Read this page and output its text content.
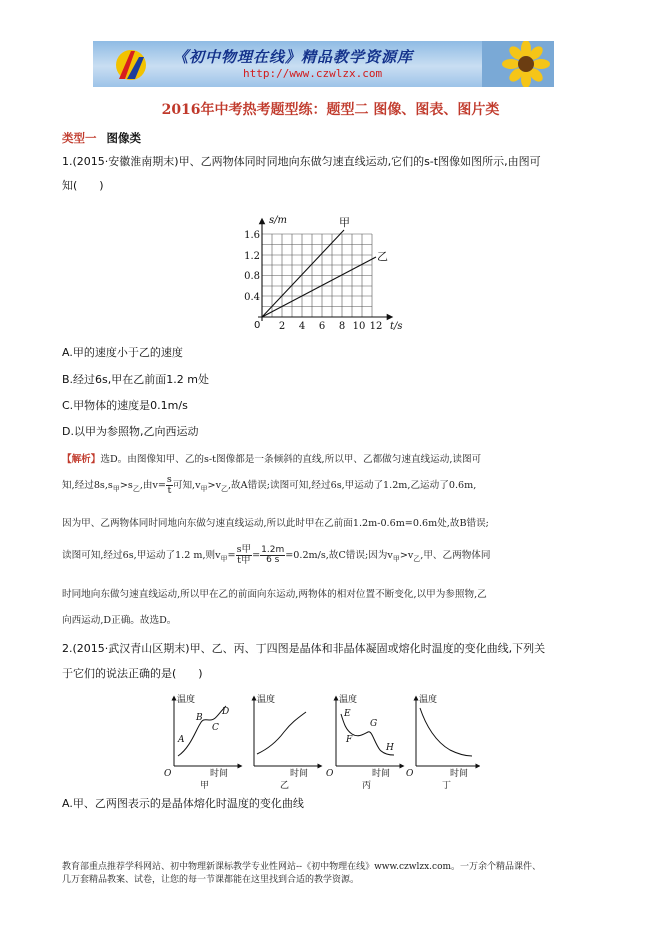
《初中物理在线》精品教学资源库
http://www.czwlzx.com
2016年中考热考题型练：题型二 图像、图表、图片类
类型一 图像类
1.(2015·安徽淮南期末)甲、乙两物体同时同地向东做匀速直线运动,它们的s-t图像如图所示,由图可
知(　　)
甲
乙
s/m
t/s
0
0.4
0.8
1.2
1.6
2 4 6 8 10 12
A.甲的速度小于乙的速度
B.经过6s,甲在乙前面1.2 m处
C.甲物体的速度是0.1m/s
D.以甲为参照物,乙向西运动
【解析】选D。由图像知甲、乙的s-t图像都是一条倾斜的直线,所以甲、乙都做匀速直线运动,读图可
知,经过$8s,s_甲>s_乙$,由$v= \frac{s}{t}$ 可知$,v_甲>v_乙$,故A错误;读图可知,经过6s,甲运动了1.2m,乙运动了0.6m,
因为甲、乙两物体同时同地向东做匀速直线运动,所以此时甲在乙前面1.2m-0.6m=0.6m处,故B错误;
读图可知,经过6s,甲运动了1.2 m,则$v_甲= \frac{\text{s甲}}{\text{t甲}} = \frac{1.2m}{6 s} =0.2m/s$,故C错误;因为$v_甲>v_乙$,甲、乙两物体同
时同地向东做匀速直线运动,所以甲在乙的前面向东运动,两物体的相对位置不断变化,以甲为参照物,乙
向西运动,D正确。故选D。
2.(2015·武汉青山区期末)甲、乙、丙、丁四图是晶体和非晶体凝固或熔化时温度的变化曲线,下列关
于它们的说法正确的是(　　)
温度
时间
O
甲
A
B
C
D
温度
时间
乙
温度
时间
O
丙
E
F
G
H
温度
时间
O
丁
A.甲、乙两图表示的是晶体熔化时温度的变化曲线
教育部重点推荐学科网站、初中物理新课标教学专业性网站--《初中物理在线》www.czwlzx.com。一万余个精品课件、
几万套精品教案、试卷，让您的每一节课都能在这里找到合适的教学资源。
